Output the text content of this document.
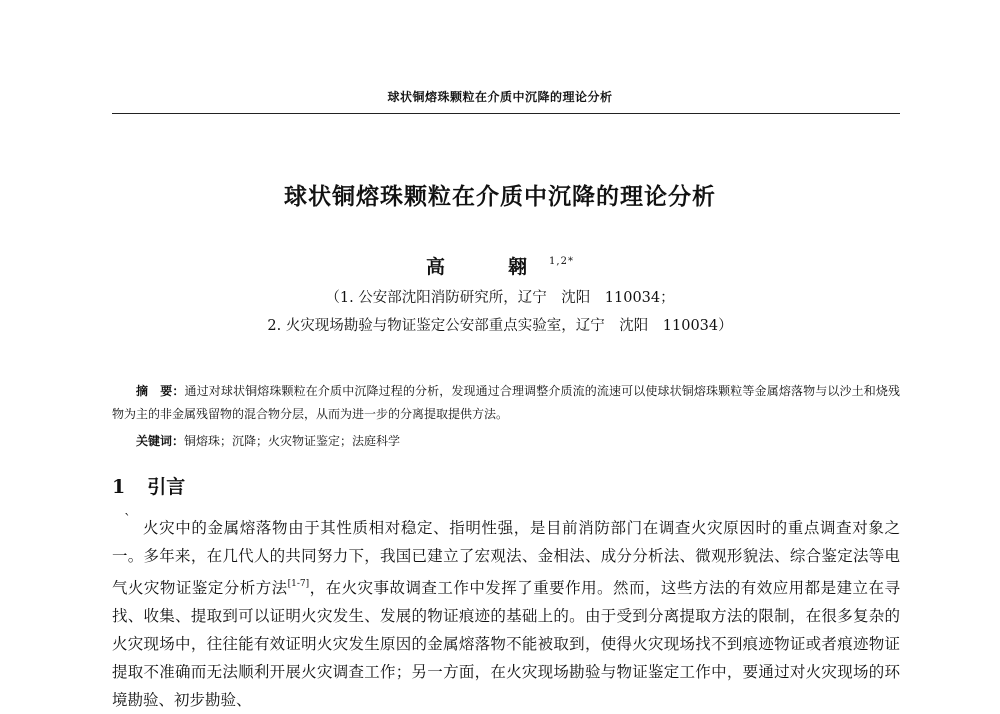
球状铜熔珠颗粒在介质中沉降的理论分析
球状铜熔珠颗粒在介质中沉降的理论分析
高　翱$^{1,2*}$
（1. 公安部沈阳消防研究所，辽宁　沈阳　110034；
2. 火灾现场勘验与物证鉴定公安部重点实验室，辽宁　沈阳　110034）
摘　要：通过对球状铜熔珠颗粒在介质中沉降过程的分析，发现通过合理调整介质流的流速可以使球状铜熔珠颗粒等金属熔落物与以沙土和烧残物为主的非金属残留物的混合物分层，从而为进一步的分离提取提供方法。
关键词：铜熔珠；沉降；火灾物证鉴定；法庭科学
1 引言
ˋ 火灾中的金属熔落物由于其性质相对稳定、指明性强，是目前消防部门在调查火灾原因时的重点调查对象之一。多年来，在几代人的共同努力下，我国已建立了宏观法、金相法、成分分析法、微观形貌法、综合鉴定法等电气火灾物证鉴定分析方法[1-7]，在火灾事故调查工作中发挥了重要作用。然而，这些方法的有效应用都是建立在寻找、收集、提取到可以证明火灾发生、发展的物证痕迹的基础上的。由于受到分离提取方法的限制，在很多复杂的火灾现场中，往往能有效证明火灾发生原因的金属熔落物不能被取到，使得火灾现场找不到痕迹物证或者痕迹物证提取不准确而无法顺利开展火灾调查工作；另一方面，在火灾现场勘验与物证鉴定工作中，要通过对火灾现场的环境勘验、初步勘验、
